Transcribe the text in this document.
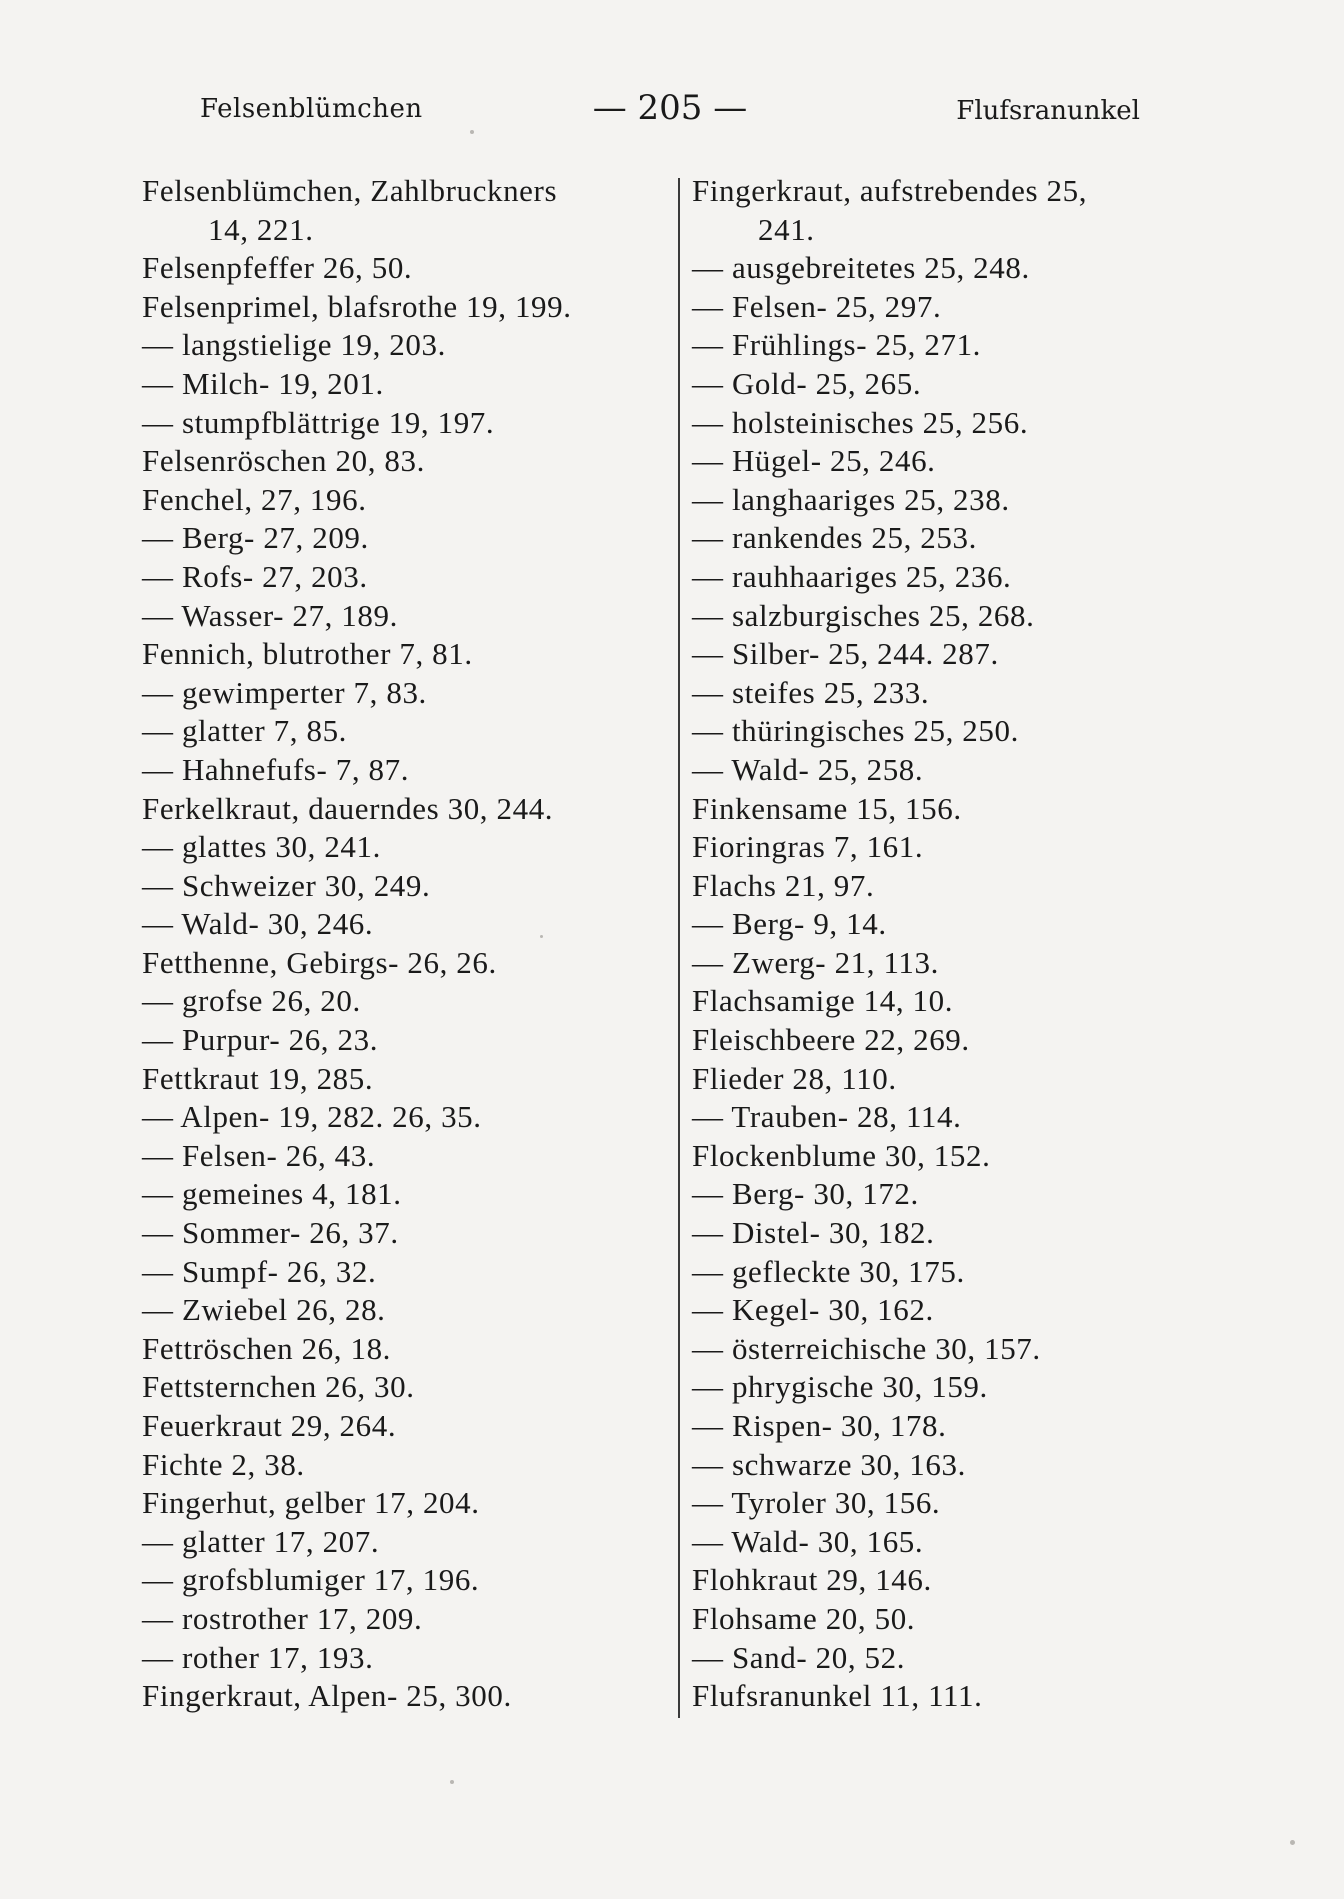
Felsenblümchen	— 205 —	Flufsranunkel
Felsenblümchen, Zahlbruckners
14, 221.
Felsenpfeffer 26, 50.
Felsenprimel, blafsrothe 19, 199.
— langstielige 19, 203.
— Milch- 19, 201.
— stumpfblättrige 19, 197.
Felsenröschen 20, 83.
Fenchel, 27, 196.
— Berg- 27, 209.
— Rofs- 27, 203.
— Wasser- 27, 189.
Fennich, blutrother 7, 81.
— gewimperter 7, 83.
— glatter 7, 85.
— Hahnefufs- 7, 87.
Ferkelkraut, dauerndes 30, 244.
— glattes 30, 241.
— Schweizer 30, 249.
— Wald- 30, 246.
Fetthenne, Gebirgs- 26, 26.
— grofse 26, 20.
— Purpur- 26, 23.
Fettkraut 19, 285.
— Alpen- 19, 282. 26, 35.
— Felsen- 26, 43.
— gemeines 4, 181.
— Sommer- 26, 37.
— Sumpf- 26, 32.
— Zwiebel 26, 28.
Fettröschen 26, 18.
Fettsternchen 26, 30.
Feuerkraut 29, 264.
Fichte 2, 38.
Fingerhut, gelber 17, 204.
— glatter 17, 207.
— grofsblumiger 17, 196.
— rostrother 17, 209.
— rother 17, 193.
Fingerkraut, Alpen- 25, 300.
Fingerkraut, aufstrebendes 25,
241.
— ausgebreitetes 25, 248.
— Felsen- 25, 297.
— Frühlings- 25, 271.
— Gold- 25, 265.
— holsteinisches 25, 256.
— Hügel- 25, 246.
— langhaariges 25, 238.
— rankendes 25, 253.
— rauhhaariges 25, 236.
— salzburgisches 25, 268.
— Silber- 25, 244. 287.
— steifes 25, 233.
— thüringisches 25, 250.
— Wald- 25, 258.
Finkensame 15, 156.
Fioringras 7, 161.
Flachs 21, 97.
— Berg- 9, 14.
— Zwerg- 21, 113.
Flachsamige 14, 10.
Fleischbeere 22, 269.
Flieder 28, 110.
— Trauben- 28, 114.
Flockenblume 30, 152.
— Berg- 30, 172.
— Distel- 30, 182.
— gefleckte 30, 175.
— Kegel- 30, 162.
— österreichische 30, 157.
— phrygische 30, 159.
— Rispen- 30, 178.
— schwarze 30, 163.
— Tyroler 30, 156.
— Wald- 30, 165.
Flohkraut 29, 146.
Flohsame 20, 50.
— Sand- 20, 52.
Flufsranunkel 11, 111.
